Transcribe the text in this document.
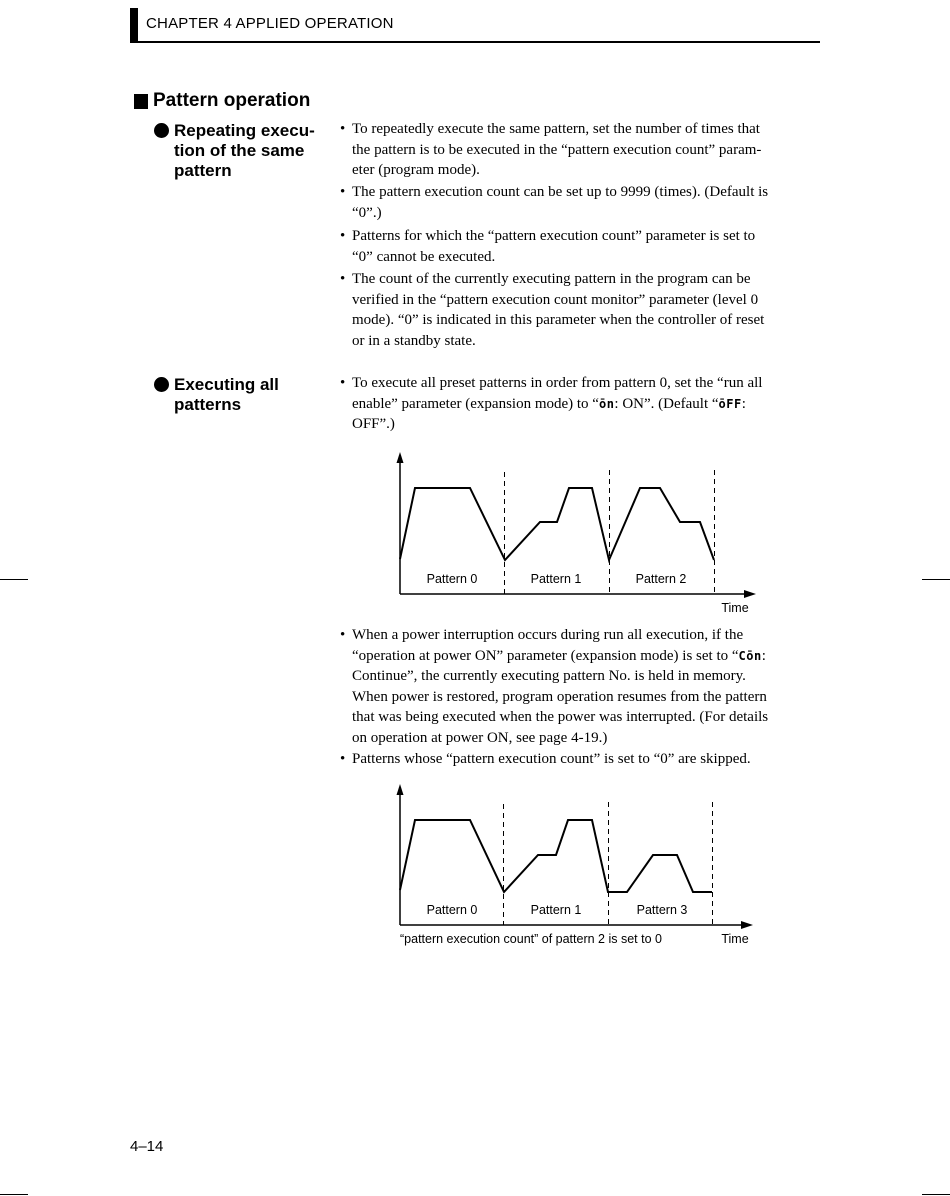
CHAPTER 4 APPLIED OPERATION
Pattern operation
Repeating execu-
tion of the same
pattern
• To repeatedly execute the same pattern, set the number of times that
the pattern is to be executed in the “pattern execution count” param-
eter (program mode).
• The pattern execution count can be set up to 9999 (times). (Default is
“0”.)
• Patterns for which the “pattern execution count” parameter is set to
“0” cannot be executed.
• The count of the currently executing pattern in the program can be
verified in the “pattern execution count monitor” parameter (level 0
mode). “0” is indicated in this parameter when the controller of reset
or in a standby state.
Executing all
patterns
• To execute all preset patterns in order from pattern 0, set the “run all
enable” parameter (expansion mode) to “ōn: ON”. (Default “ōFF:
OFF”.)
Pattern 0	Pattern 1	Pattern 2
Time
• When a power interruption occurs during run all execution, if the
“operation at power ON” parameter (expansion mode) is set to “Cōn:
Continue”, the currently executing pattern No. is held in memory.
When power is restored, program operation resumes from the pattern
that was being executed when the power was interrupted. (For details
on operation at power ON, see page 4-19.)
• Patterns whose “pattern execution count” is set to “0” are skipped.
Pattern 0	Pattern 1	Pattern 3
“pattern execution count” of pattern 2 is set to 0	Time
4–14
